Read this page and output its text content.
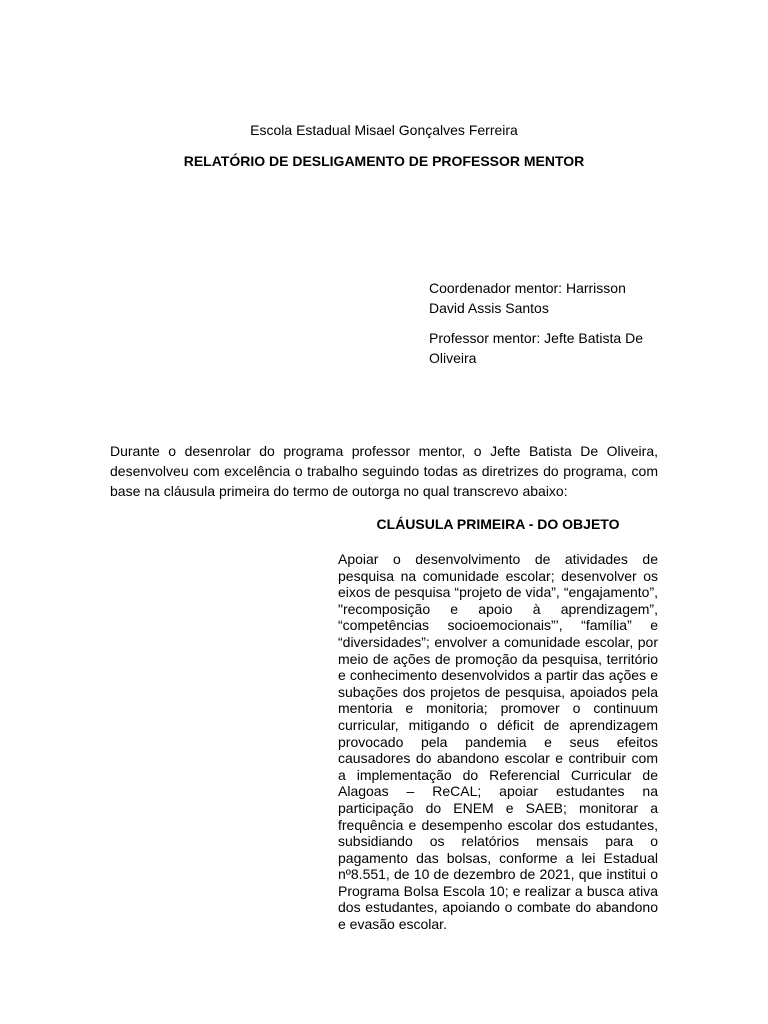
Escola Estadual Misael Gonçalves Ferreira
RELATÓRIO DE DESLIGAMENTO DE PROFESSOR MENTOR
Coordenador mentor: Harrisson David Assis Santos
Professor mentor: Jefte Batista De Oliveira
Durante o desenrolar do programa professor mentor, o Jefte Batista De Oliveira, desenvolveu com excelência o trabalho seguindo todas as diretrizes do programa, com base na cláusula primeira do termo de outorga no qual transcrevo abaixo:
CLÁUSULA PRIMEIRA - DO OBJETO
Apoiar o desenvolvimento de atividades de pesquisa na comunidade escolar; desenvolver os eixos de pesquisa “projeto de vida”, “engajamento”, "recomposição e apoio à aprendizagem”, “competências socioemocionais”’, “família” e “diversidades”; envolver a comunidade escolar, por meio de ações de promoção da pesquisa, território e conhecimento desenvolvidos a partir das ações e subações dos projetos de pesquisa, apoiados pela mentoria e monitoria; promover o continuum curricular, mitigando o déficit de aprendizagem provocado pela pandemia e seus efeitos causadores do abandono escolar e contribuir com a implementação do Referencial Curricular de Alagoas – ReCAL; apoiar estudantes na participação do ENEM e SAEB; monitorar a frequência e desempenho escolar dos estudantes, subsidiando os relatórios mensais para o pagamento das bolsas, conforme a lei Estadual nº8.551, de 10 de dezembro de 2021, que institui o Programa Bolsa Escola 10; e realizar a busca ativa dos estudantes, apoiando o combate do abandono e evasão escolar.
